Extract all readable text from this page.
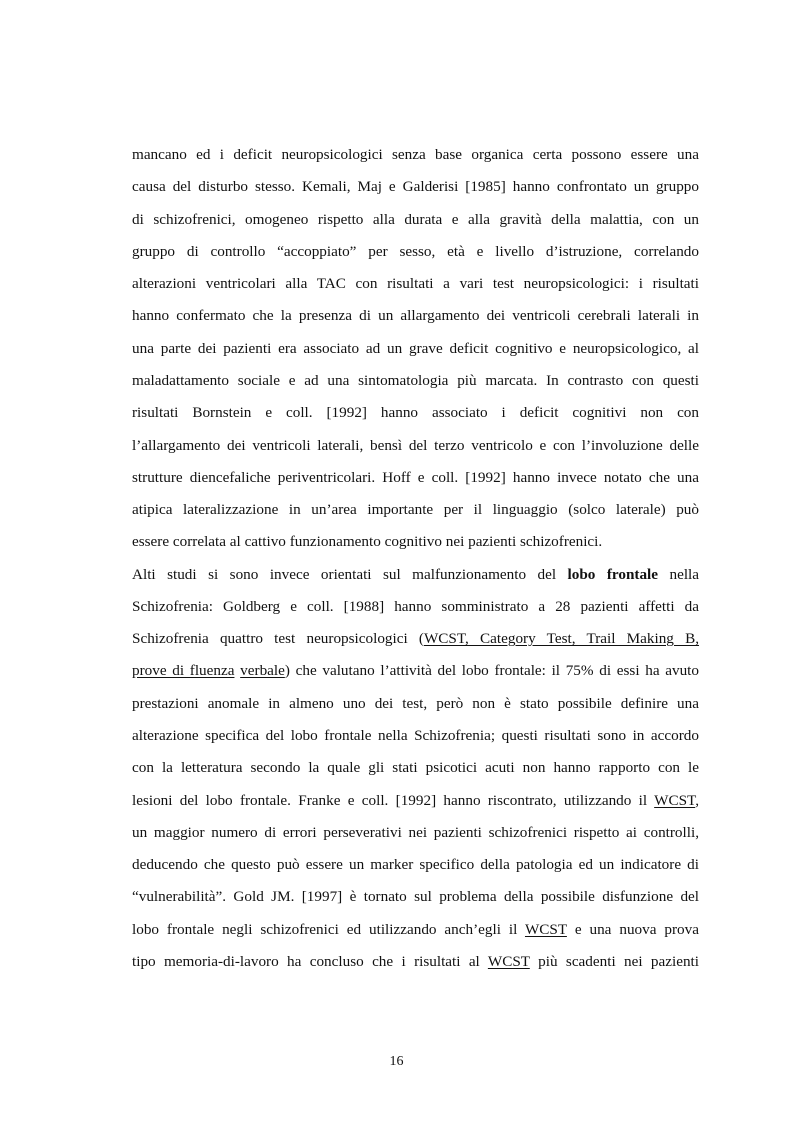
mancano ed i deficit neuropsicologici senza base organica certa possono essere una
causa del disturbo stesso. Kemali, Maj e Galderisi [1985] hanno confrontato un gruppo
di schizofrenici, omogeneo rispetto alla durata e alla gravità della malattia, con un
gruppo di controllo “accoppiato” per sesso, età e livello d’istruzione, correlando
alterazioni ventricolari alla TAC con risultati a vari test neuropsicologici: i risultati
hanno confermato che la presenza di un allargamento dei ventricoli cerebrali laterali in
una parte dei pazienti era associato ad un grave deficit cognitivo e neuropsicologico, al
maladattamento sociale e ad una sintomatologia più marcata. In contrasto con questi
risultati Bornstein e coll. [1992] hanno associato i deficit cognitivi non con
l’allargamento dei ventricoli laterali, bensì del terzo ventricolo e con l’involuzione delle
strutture diencefaliche periventricolari. Hoff e coll. [1992] hanno invece notato che una
atipica lateralizzazione in un’area importante per il linguaggio (solco laterale) può
essere correlata al cattivo funzionamento cognitivo nei pazienti schizofrenici.
Alti studi si sono invece orientati sul malfunzionamento del lobo frontale nella
Schizofrenia: Goldberg e coll. [1988] hanno somministrato a 28 pazienti affetti da
Schizofrenia quattro test neuropsicologici (WCST, Category Test, Trail Making B,
prove di fluenza verbale) che valutano l’attività del lobo frontale: il 75% di essi ha avuto
prestazioni anomale in almeno uno dei test, però non è stato possibile definire una
alterazione specifica del lobo frontale nella Schizofrenia; questi risultati sono in accordo
con la letteratura secondo la quale gli stati psicotici acuti non hanno rapporto con le
lesioni del lobo frontale. Franke e coll. [1992] hanno riscontrato, utilizzando il WCST,
un maggior numero di errori perseverativi nei pazienti schizofrenici rispetto ai controlli,
deducendo che questo può essere un marker specifico della patologia ed un indicatore di
“vulnerabilità”. Gold JM. [1997] è tornato sul problema della possibile disfunzione del
lobo frontale negli schizofrenici ed utilizzando anch’egli il WCST e una nuova prova
tipo memoria-di-lavoro ha concluso che i risultati al WCST più scadenti nei pazienti
16
